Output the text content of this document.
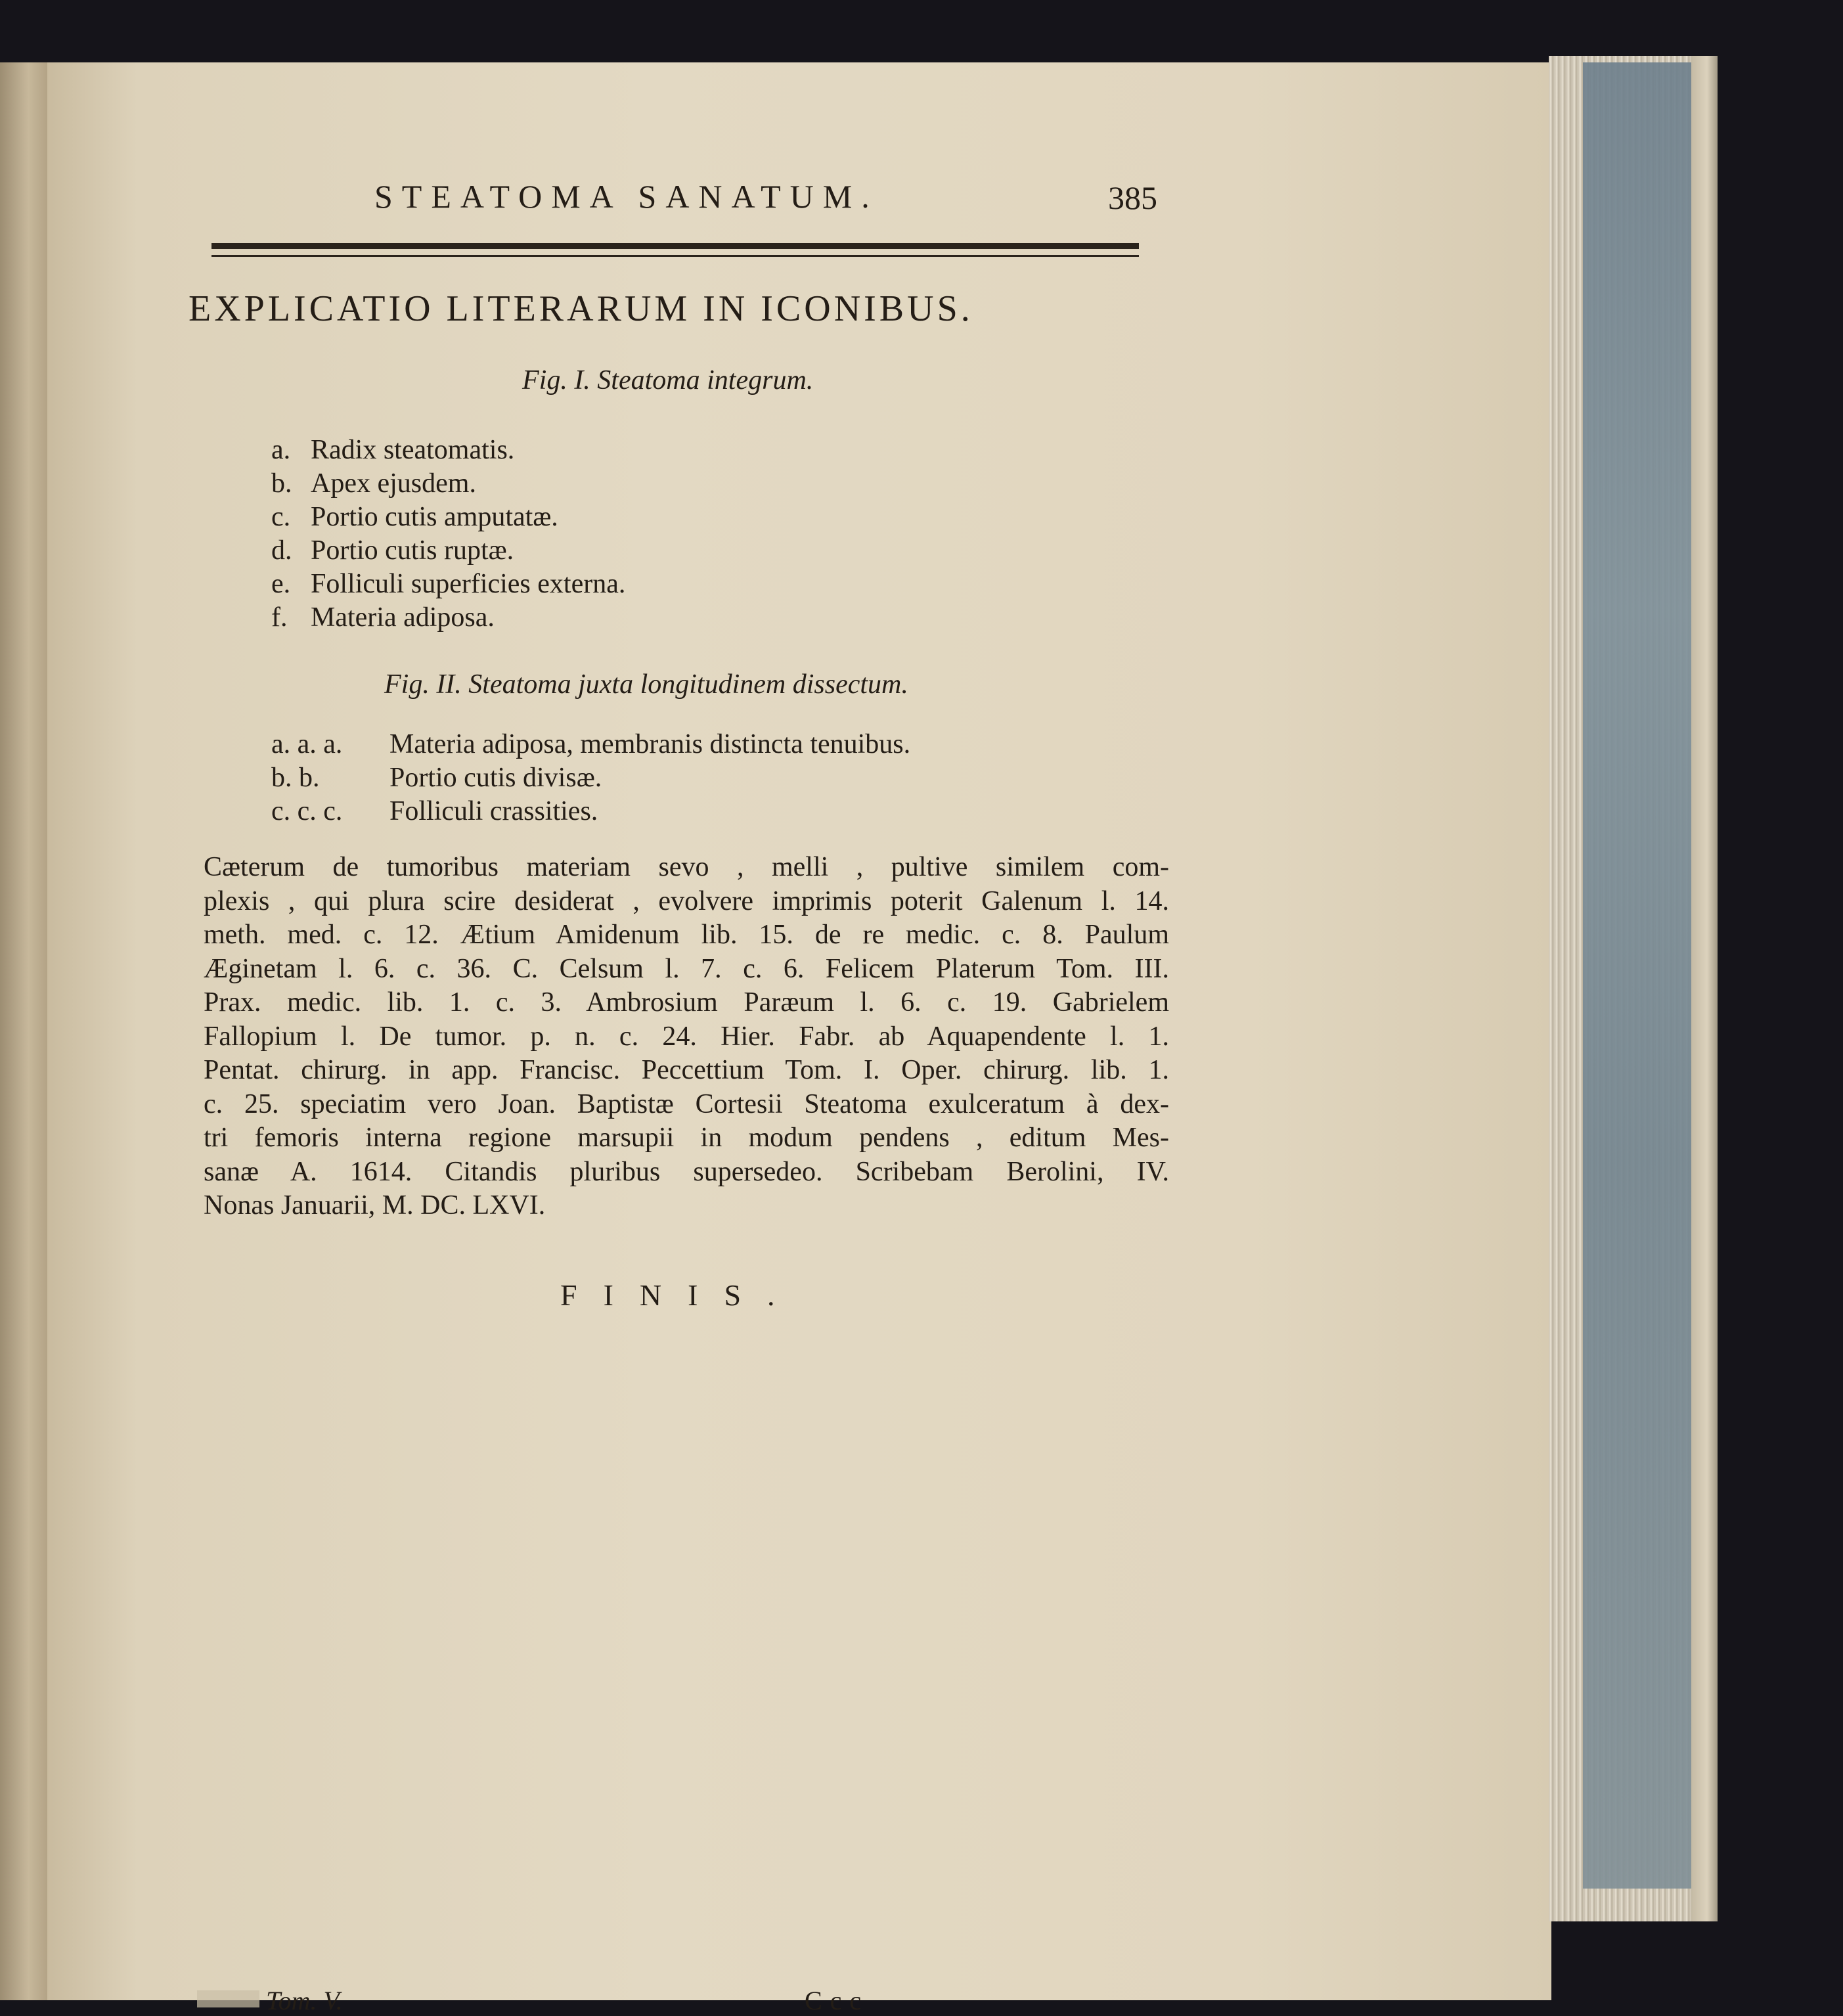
STEATOMA SANATUM.	385
EXPLICATIO LITERARUM IN ICONIBUS.
Fig. I. Steatoma integrum.
a. Radix steatomatis.
b. Apex ejusdem.
c. Portio cutis amputatæ.
d. Portio cutis ruptæ.
e. Folliculi superficies externa.
f. Materia adiposa.
Fig. II. Steatoma juxta longitudinem dissectum.
a. a. a. Materia adiposa, membranis distincta tenuibus.
b. b.	Portio cutis divisæ.
c. c. c. Folliculi crassities.
Cæterum de tumoribus materiam sevo , melli , pultive similem com-
plexis , qui plura scire desiderat , evolvere imprimis poterit Galenum l. 14.
meth. med. c. 12. Ætium Amidenum lib. 15. de re medic. c. 8. Paulum
Æginetam l. 6. c. 36. C. Celsum l. 7. c. 6. Felicem Platerum Tom. III.
Prax. medic. lib. 1. c. 3. Ambrosium Paræum l. 6. c. 19. Gabrielem
Fallopium l. De tumor. p. n. c. 24. Hier. Fabr. ab Aquapendente l. 1.
Pentat. chirurg. in app. Francisc. Peccettium Tom. I. Oper. chirurg. lib. 1.
c. 25. speciatim vero Joan. Baptistæ Cortesii Steatoma exulceratum à dex-
tri femoris interna regione marsupii in modum pendens , editum Mes-
sanæ A. 1614. Citandis pluribus supersedeo. Scribebam Berolini, IV.
Nonas Januarii, M. DC. LXVI.
FINIS.
Tom. V.	Ccc
